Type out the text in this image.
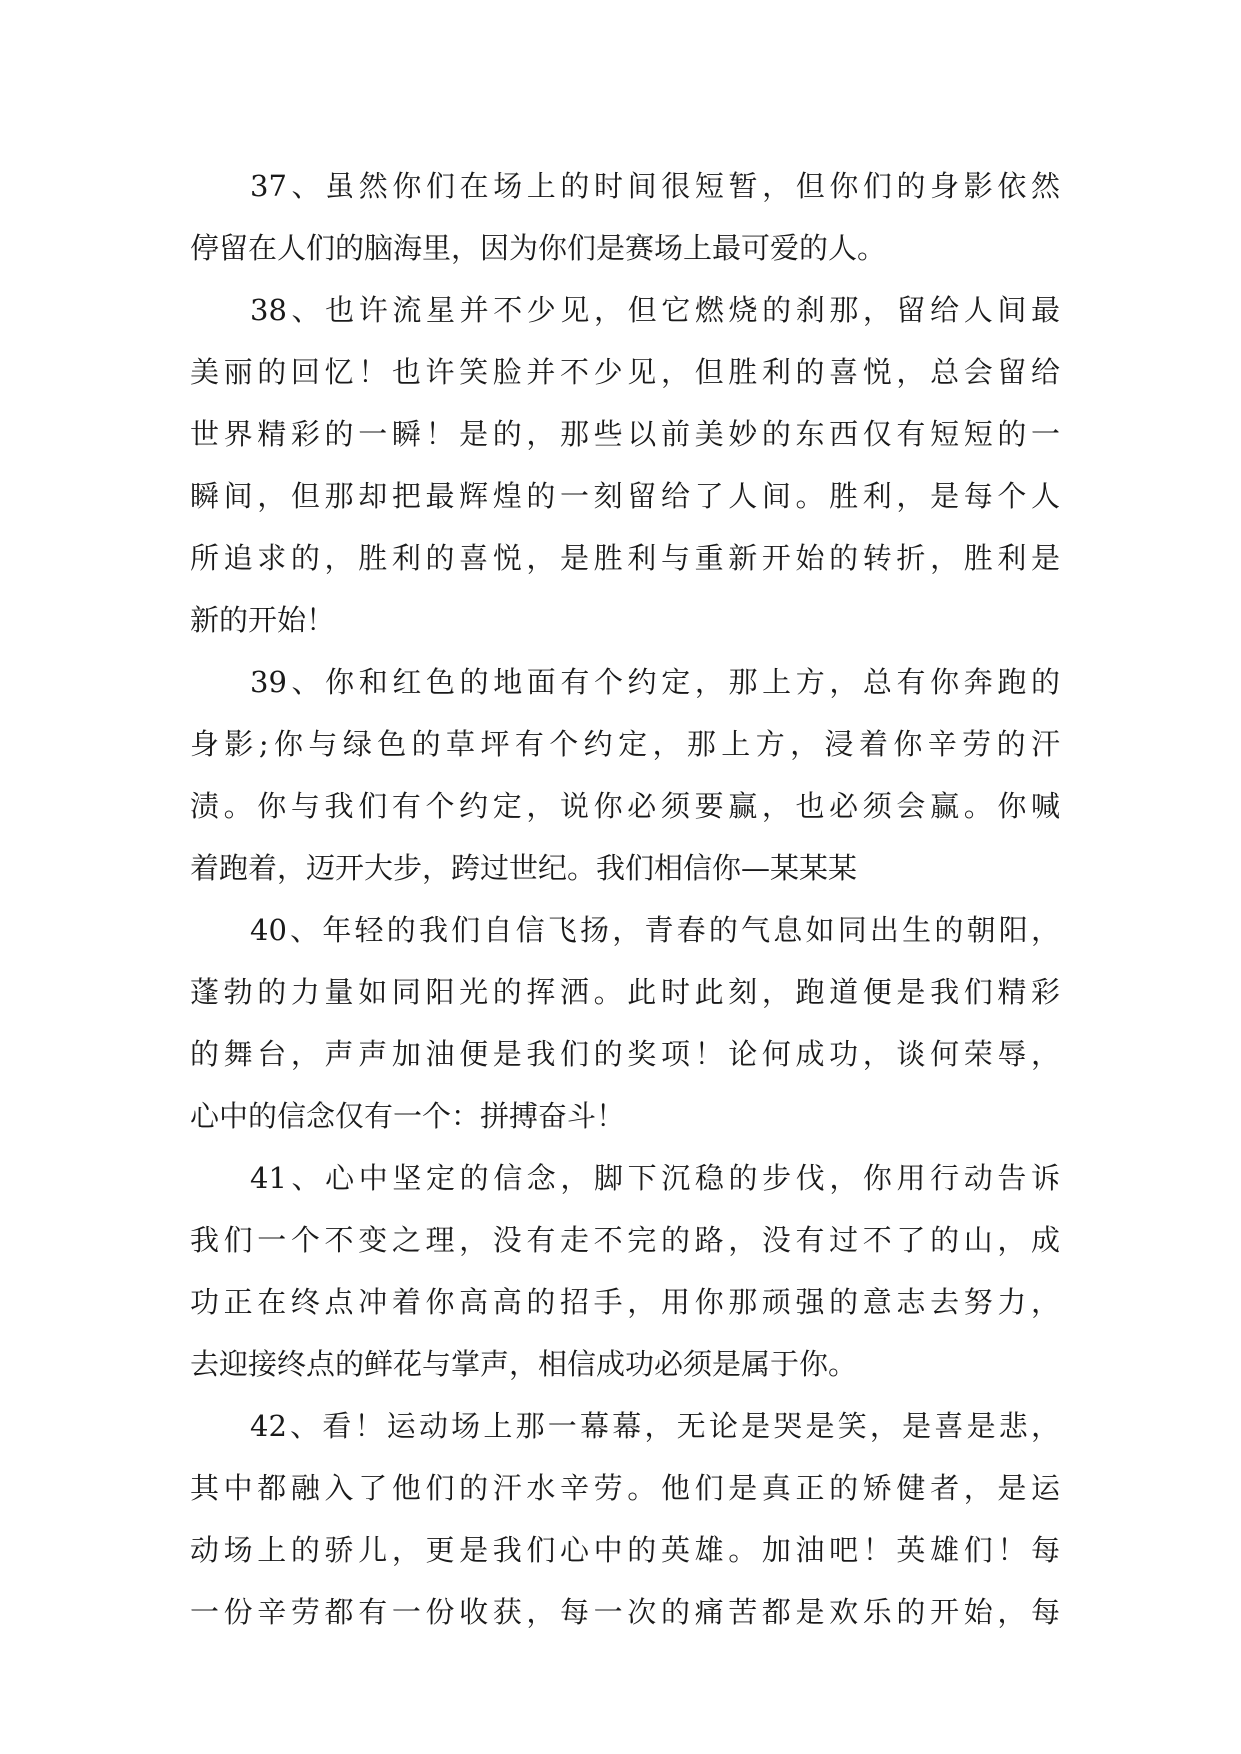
37、虽然你们在场上的时间很短暂，但你们的身影依然
停留在人们的脑海里，因为你们是赛场上最可爱的人。
38、也许流星并不少见，但它燃烧的刹那，留给人间最
美丽的回忆！也许笑脸并不少见，但胜利的喜悦，总会留给
世界精彩的一瞬！是的，那些以前美妙的东西仅有短短的一
瞬间，但那却把最辉煌的一刻留给了人间。胜利，是每个人
所追求的，胜利的喜悦，是胜利与重新开始的转折，胜利是
新的开始！
39、你和红色的地面有个约定，那上方，总有你奔跑的
身影;你与绿色的草坪有个约定，那上方，浸着你辛劳的汗
渍。你与我们有个约定，说你必须要赢，也必须会赢。你喊
着跑着，迈开大步，跨过世纪。我们相信你—某某某
40、年轻的我们自信飞扬，青春的气息如同出生的朝阳，
蓬勃的力量如同阳光的挥洒。此时此刻，跑道便是我们精彩
的舞台，声声加油便是我们的奖项！论何成功，谈何荣辱，
心中的信念仅有一个：拼搏奋斗！
41、心中坚定的信念，脚下沉稳的步伐，你用行动告诉
我们一个不变之理，没有走不完的路，没有过不了的山，成
功正在终点冲着你高高的招手，用你那顽强的意志去努力，
去迎接终点的鲜花与掌声，相信成功必须是属于你。
42、看！运动场上那一幕幕，无论是哭是笑，是喜是悲，
其中都融入了他们的汗水辛劳。他们是真正的矫健者，是运
动场上的骄儿，更是我们心中的英雄。加油吧！英雄们！每
一份辛劳都有一份收获，每一次的痛苦都是欢乐的开始，每
